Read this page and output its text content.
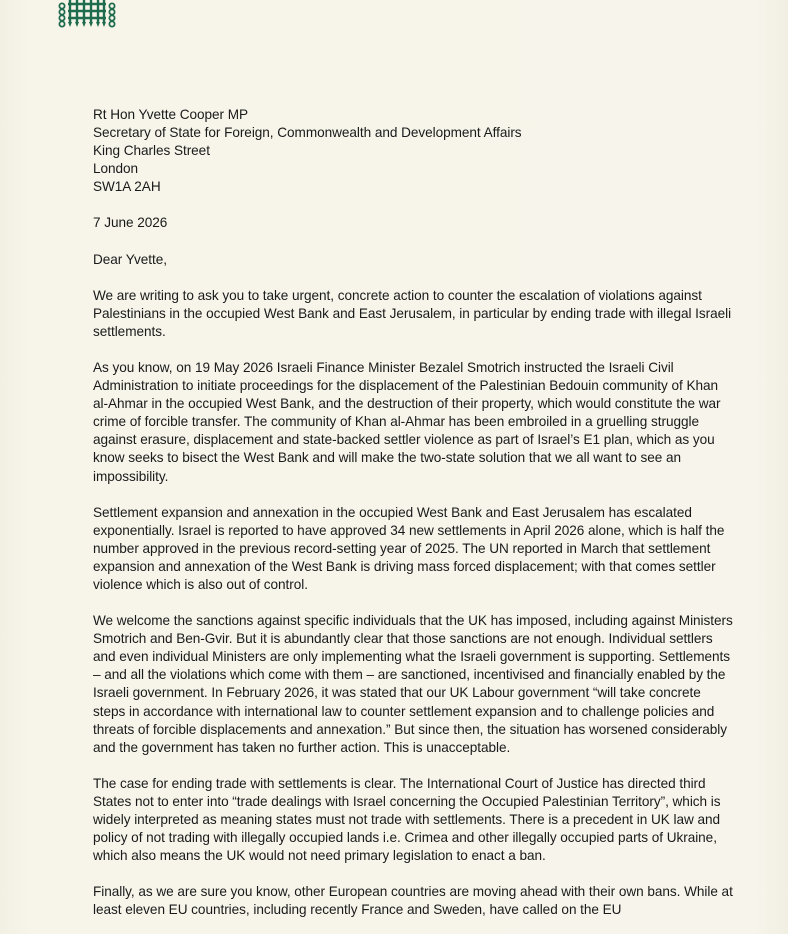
Rt Hon Yvette Cooper MP
Secretary of State for Foreign, Commonwealth and Development Affairs
King Charles Street
London
SW1A 2AH
7 June 2026
Dear Yvette,

We are writing to ask you to take urgent, concrete action to counter the escalation of violations against Palestinians in the occupied West Bank and East Jerusalem, in particular by ending trade with illegal Israeli settlements.

As you know, on 19 May 2026 Israeli Finance Minister Bezalel Smotrich instructed the Israeli Civil Administration to initiate proceedings for the displacement of the Palestinian Bedouin community of Khan al-Ahmar in the occupied West Bank, and the destruction of their property, which would constitute the war crime of forcible transfer. The community of Khan al-Ahmar has been embroiled in a gruelling struggle against erasure, displacement and state-backed settler violence as part of Israel’s E1 plan, which as you know seeks to bisect the West Bank and will make the two-state solution that we all want to see an impossibility.

Settlement expansion and annexation in the occupied West Bank and East Jerusalem has escalated exponentially. Israel is reported to have approved 34 new settlements in April 2026 alone, which is half the number approved in the previous record-setting year of 2025. The UN reported in March that settlement expansion and annexation of the West Bank is driving mass forced displacement; with that comes settler violence which is also out of control.

We welcome the sanctions against specific individuals that the UK has imposed, including against Ministers Smotrich and Ben-Gvir. But it is abundantly clear that those sanctions are not enough. Individual settlers and even individual Ministers are only implementing what the Israeli government is supporting. Settlements – and all the violations which come with them – are sanctioned, incentivised and financially enabled by the Israeli government. In February 2026, it was stated that our UK Labour government “will take concrete steps in accordance with international law to counter settlement expansion and to challenge policies and threats of forcible displacements and annexation.” But since then, the situation has worsened considerably and the government has taken no further action. This is unacceptable.

The case for ending trade with settlements is clear. The International Court of Justice has directed third States not to enter into “trade dealings with Israel concerning the Occupied Palestinian Territory”, which is widely interpreted as meaning states must not trade with settlements. There is a precedent in UK law and policy of not trading with illegally occupied lands i.e. Crimea and other illegally occupied parts of Ukraine, which also means the UK would not need primary legislation to enact a ban.

Finally, as we are sure you know, other European countries are moving ahead with their own bans. While at least eleven EU countries, including recently France and Sweden, have called on the EU
